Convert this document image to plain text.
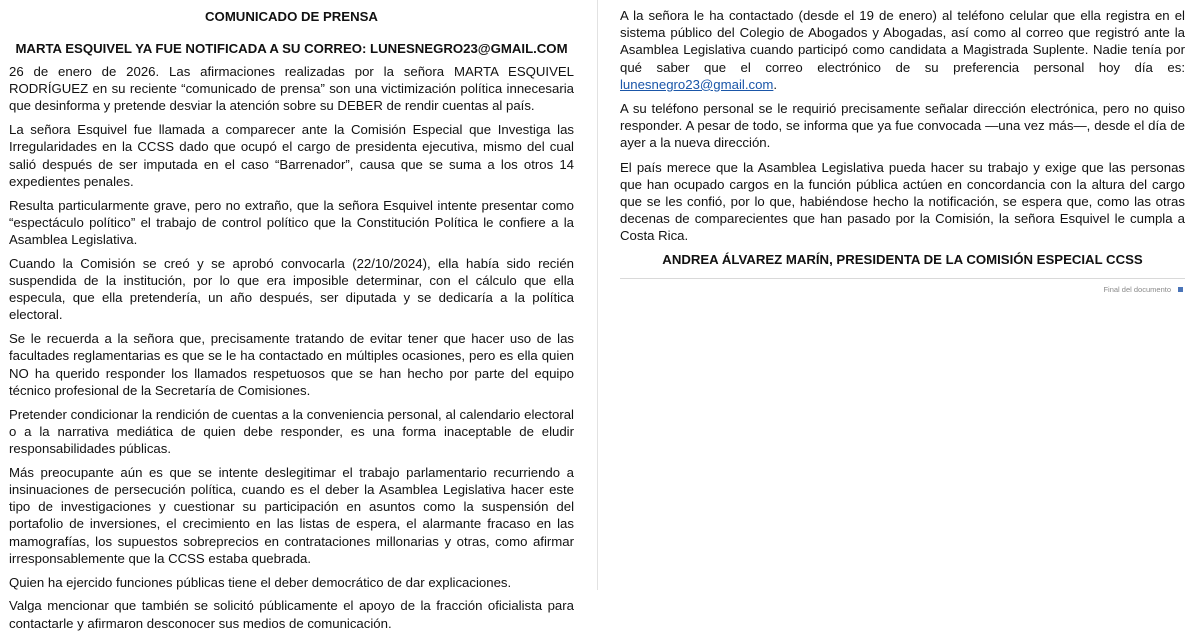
COMUNICADO DE PRENSA
MARTA ESQUIVEL YA FUE NOTIFICADA A SU CORREO: LUNESNEGRO23@GMAIL.COM

26 de enero de 2026. Las afirmaciones realizadas por la señora MARTA ESQUIVEL RODRÍGUEZ en su reciente “comunicado de prensa” son una victimización política innecesaria que desinforma y pretende desviar la atención sobre su DEBER de rendir cuentas al país.

La señora Esquivel fue llamada a comparecer ante la Comisión Especial que Investiga las Irregularidades en la CCSS dado que ocupó el cargo de presidenta ejecutiva, mismo del cual salió después de ser imputada en el caso “Barrenador”, causa que se suma a los otros 14 expedientes penales.

Resulta particularmente grave, pero no extraño, que la señora Esquivel intente presentar como “espectáculo político” el trabajo de control político que la Constitución Política le confiere a la Asamblea Legislativa.

Cuando la Comisión se creó y se aprobó convocarla (22/10/2024), ella había sido recién suspendida de la institución, por lo que era imposible determinar, con el cálculo que ella especula, que ella pretendería, un año después, ser diputada y se dedicaría a la política electoral.

Se le recuerda a la señora que, precisamente tratando de evitar tener que hacer uso de las facultades reglamentarias es que se le ha contactado en múltiples ocasiones, pero es ella quien NO ha querido responder los llamados respetuosos que se han hecho por parte del equipo técnico profesional de la Secretaría de Comisiones.

Pretender condicionar la rendición de cuentas a la conveniencia personal, al calendario electoral o a la narrativa mediática de quien debe responder, es una forma inaceptable de eludir responsabilidades públicas.

Más preocupante aún es que se intente deslegitimar el trabajo parlamentario recurriendo a insinuaciones de persecución política, cuando es el deber la Asamblea Legislativa hacer este tipo de investigaciones y cuestionar su participación en asuntos como la suspensión del portafolio de inversiones, el crecimiento en las listas de espera, el alarmante fracaso en las mamografías, los supuestos sobreprecios en contrataciones millonarias y otras, como afirmar irresponsablemente que la CCSS estaba quebrada.

Quien ha ejercido funciones públicas tiene el deber democrático de dar explicaciones.

Valga mencionar que también se solicitó públicamente el apoyo de la fracción oficialista para contactarle y afirmaron desconocer sus medios de comunicación.

A la señora le ha contactado (desde el 19 de enero) al teléfono celular que ella registra en el sistema público del Colegio de Abogados y Abogadas, así como al correo que registró ante la Asamblea Legislativa cuando participó como candidata a Magistrada Suplente. Nadie tenía por qué saber que el correo electrónico de su preferencia personal hoy día es: lunesnegro23@gmail.com.

A su teléfono personal se le requirió precisamente señalar dirección electrónica, pero no quiso responder. A pesar de todo, se informa que ya fue convocada —una vez más—, desde el día de ayer a la nueva dirección.

El país merece que la Asamblea Legislativa pueda hacer su trabajo y exige que las personas que han ocupado cargos en la función pública actúen en concordancia con la altura del cargo que se les confió, por lo que, habiéndose hecho la notificación, se espera que, como las otras decenas de comparecientes que han pasado por la Comisión, la señora Esquivel le cumpla a Costa Rica.

ANDREA ÁLVAREZ MARÍN, PRESIDENTA DE LA COMISIÓN ESPECIAL CCSS
Final del documento
